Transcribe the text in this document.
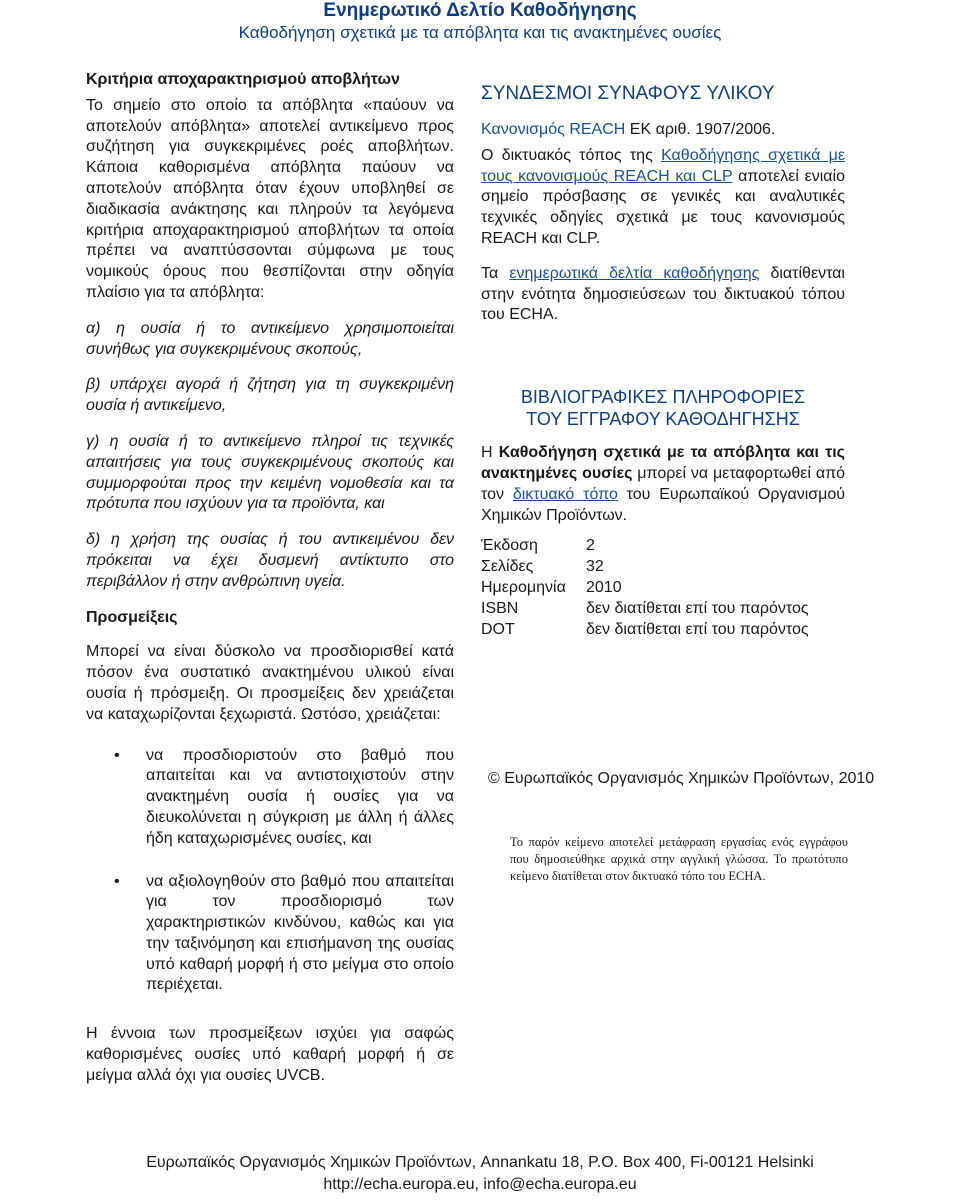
Ενημερωτικό Δελτίο Καθοδήγησης
Καθοδήγηση σχετικά με τα απόβλητα και τις ανακτημένες ουσίες

Κριτήρια αποχαρακτηρισμού αποβλήτων

Το σημείο στο οποίο τα απόβλητα «παύουν να αποτελούν απόβλητα» αποτελεί αντικείμενο προς συζήτηση για συγκεκριμένες ροές αποβλήτων. Κάποια καθορισμένα απόβλητα παύουν να αποτελούν απόβλητα όταν έχουν υποβληθεί σε διαδικασία ανάκτησης και πληρούν τα λεγόμενα κριτήρια αποχαρακτηρισμού αποβλήτων τα οποία πρέπει να αναπτύσσονται σύμφωνα με τους νομικούς όρους που θεσπίζονται στην οδηγία πλαίσιο για τα απόβλητα:

α) η ουσία ή το αντικείμενο χρησιμοποιείται συνήθως για συγκεκριμένους σκοπούς,

β) υπάρχει αγορά ή ζήτηση για τη συγκεκριμένη ουσία ή αντικείμενο,

γ) η ουσία ή το αντικείμενο πληροί τις τεχνικές απαιτήσεις για τους συγκεκριμένους σκοπούς και συμμορφούται προς την κειμένη νομοθεσία και τα πρότυπα που ισχύουν για τα προϊόντα, και

δ) η χρήση της ουσίας ή του αντικειμένου δεν πρόκειται να έχει δυσμενή αντίκτυπο στο περιβάλλον ή στην ανθρώπινη υγεία.

Προσμείξεις

Μπορεί να είναι δύσκολο να προσδιορισθεί κατά πόσον ένα συστατικό ανακτημένου υλικού είναι ουσία ή πρόσμειξη. Οι προσμείξεις δεν χρειάζεται να καταχωρίζονται ξεχωριστά. Ωστόσο, χρειάζεται:

• να προσδιοριστούν στο βαθμό που απαιτείται και να αντιστοιχιστούν στην ανακτημένη ουσία ή ουσίες για να διευκολύνεται η σύγκριση με άλλη ή άλλες ήδη καταχωρισμένες ουσίες, και
• να αξιολογηθούν στο βαθμό που απαιτείται για τον προσδιορισμό των χαρακτηριστικών κινδύνου, καθώς και για την ταξινόμηση και επισήμανση της ουσίας υπό καθαρή μορφή ή στο μείγμα στο οποίο περιέχεται.

Η έννοια των προσμείξεων ισχύει για σαφώς καθορισμένες ουσίες υπό καθαρή μορφή ή σε μείγμα αλλά όχι για ουσίες UVCB.

ΣΥΝΔΕΣΜΟΙ ΣΥΝΑΦΟΥΣ ΥΛΙΚΟΥ

Κανονισμός REACH ΕΚ αριθ. 1907/2006.

Ο δικτυακός τόπος της Καθοδήγησης σχετικά με τους κανονισμούς REACH και CLP αποτελεί ενιαίο σημείο πρόσβασης σε γενικές και αναλυτικές τεχνικές οδηγίες σχετικά με τους κανονισμούς REACH και CLP.

Τα ενημερωτικά δελτία καθοδήγησης διατίθενται στην ενότητα δημοσιεύσεων του δικτυακού τόπου του ECHA.

ΒΙΒΛΙΟΓΡΑΦΙΚΕΣ ΠΛΗΡΟΦΟΡΙΕΣ
ΤΟΥ ΕΓΓΡΑΦΟΥ ΚΑΘΟΔΗΓΗΣΗΣ

Η Καθοδήγηση σχετικά με τα απόβλητα και τις ανακτημένες ουσίες μπορεί να μεταφορτωθεί από τον δικτυακό τόπο του Ευρωπαϊκού Οργανισμού Χημικών Προϊόντων.

Έκδοση	2
Σελίδες	32
Ημερομηνία	2010
ISBN	δεν διατίθεται επί του παρόντος
DOT	δεν διατίθεται επί του παρόντος
© Ευρωπαϊκός Οργανισμός Χημικών Προϊόντων, 2010
Το παρόν κείμενο αποτελεί μετάφραση εργασίας ενός εγγράφου που δημοσιεύθηκε αρχικά στην αγγλική γλώσσα. Το πρωτότυπο κείμενο διατίθεται στον δικτυακό τόπο του ECHA.
Ευρωπαϊκός Οργανισμός Χημικών Προϊόντων, Annankatu 18, P.O. Box 400, Fi-00121 Helsinki
http://echa.europa.eu, info@echa.europa.eu
